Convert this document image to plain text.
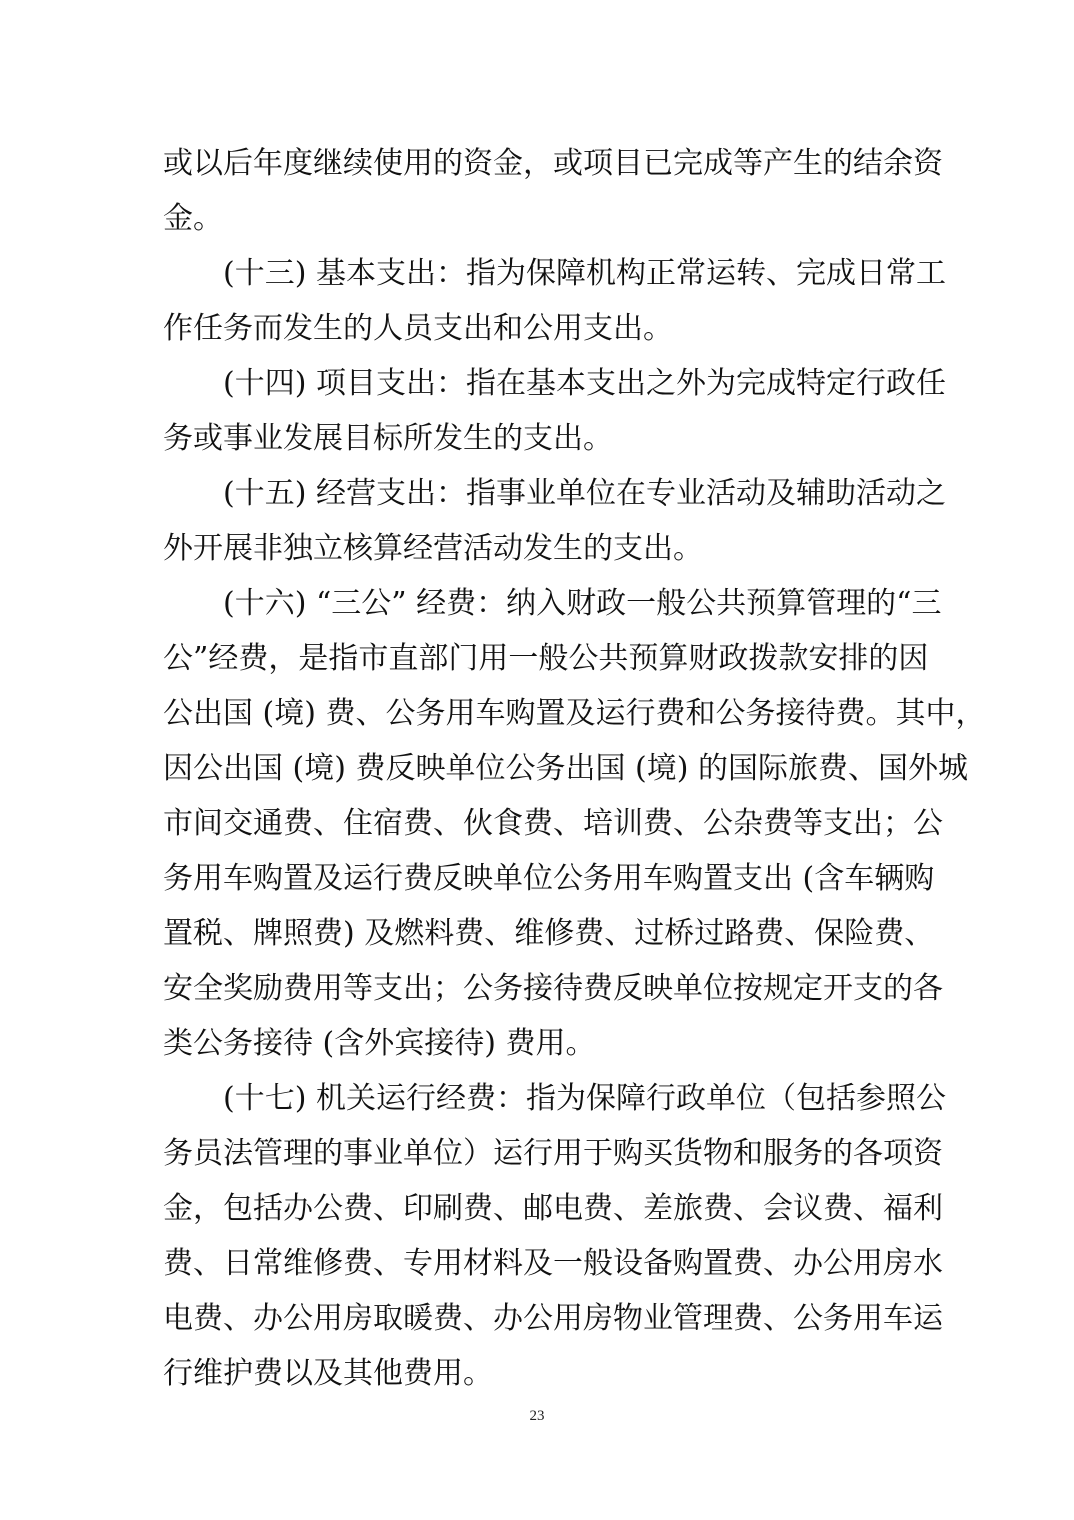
或以后年度继续使用的资金，或项目已完成等产生的结余资
金。
　　(十三) 基本支出：指为保障机构正常运转、完成日常工
作任务而发生的人员支出和公用支出。
　　(十四) 项目支出：指在基本支出之外为完成特定行政任
务或事业发展目标所发生的支出。
　　(十五) 经营支出：指事业单位在专业活动及辅助活动之
外开展非独立核算经营活动发生的支出。
　　(十六) “三公” 经费：纳入财政一般公共预算管理的“三
公”经费，是指市直部门用一般公共预算财政拨款安排的因
公出国 (境) 费、公务用车购置及运行费和公务接待费。其中，
因公出国 (境) 费反映单位公务出国 (境) 的国际旅费、国外城
市间交通费、住宿费、伙食费、培训费、公杂费等支出；公
务用车购置及运行费反映单位公务用车购置支出 (含车辆购
置税、牌照费) 及燃料费、维修费、过桥过路费、保险费、
安全奖励费用等支出；公务接待费反映单位按规定开支的各
类公务接待 (含外宾接待) 费用。
　　(十七) 机关运行经费：指为保障行政单位（包括参照公
务员法管理的事业单位）运行用于购买货物和服务的各项资
金，包括办公费、印刷费、邮电费、差旅费、会议费、福利
费、日常维修费、专用材料及一般设备购置费、办公用房水
电费、办公用房取暖费、办公用房物业管理费、公务用车运
行维护费以及其他费用。
23
